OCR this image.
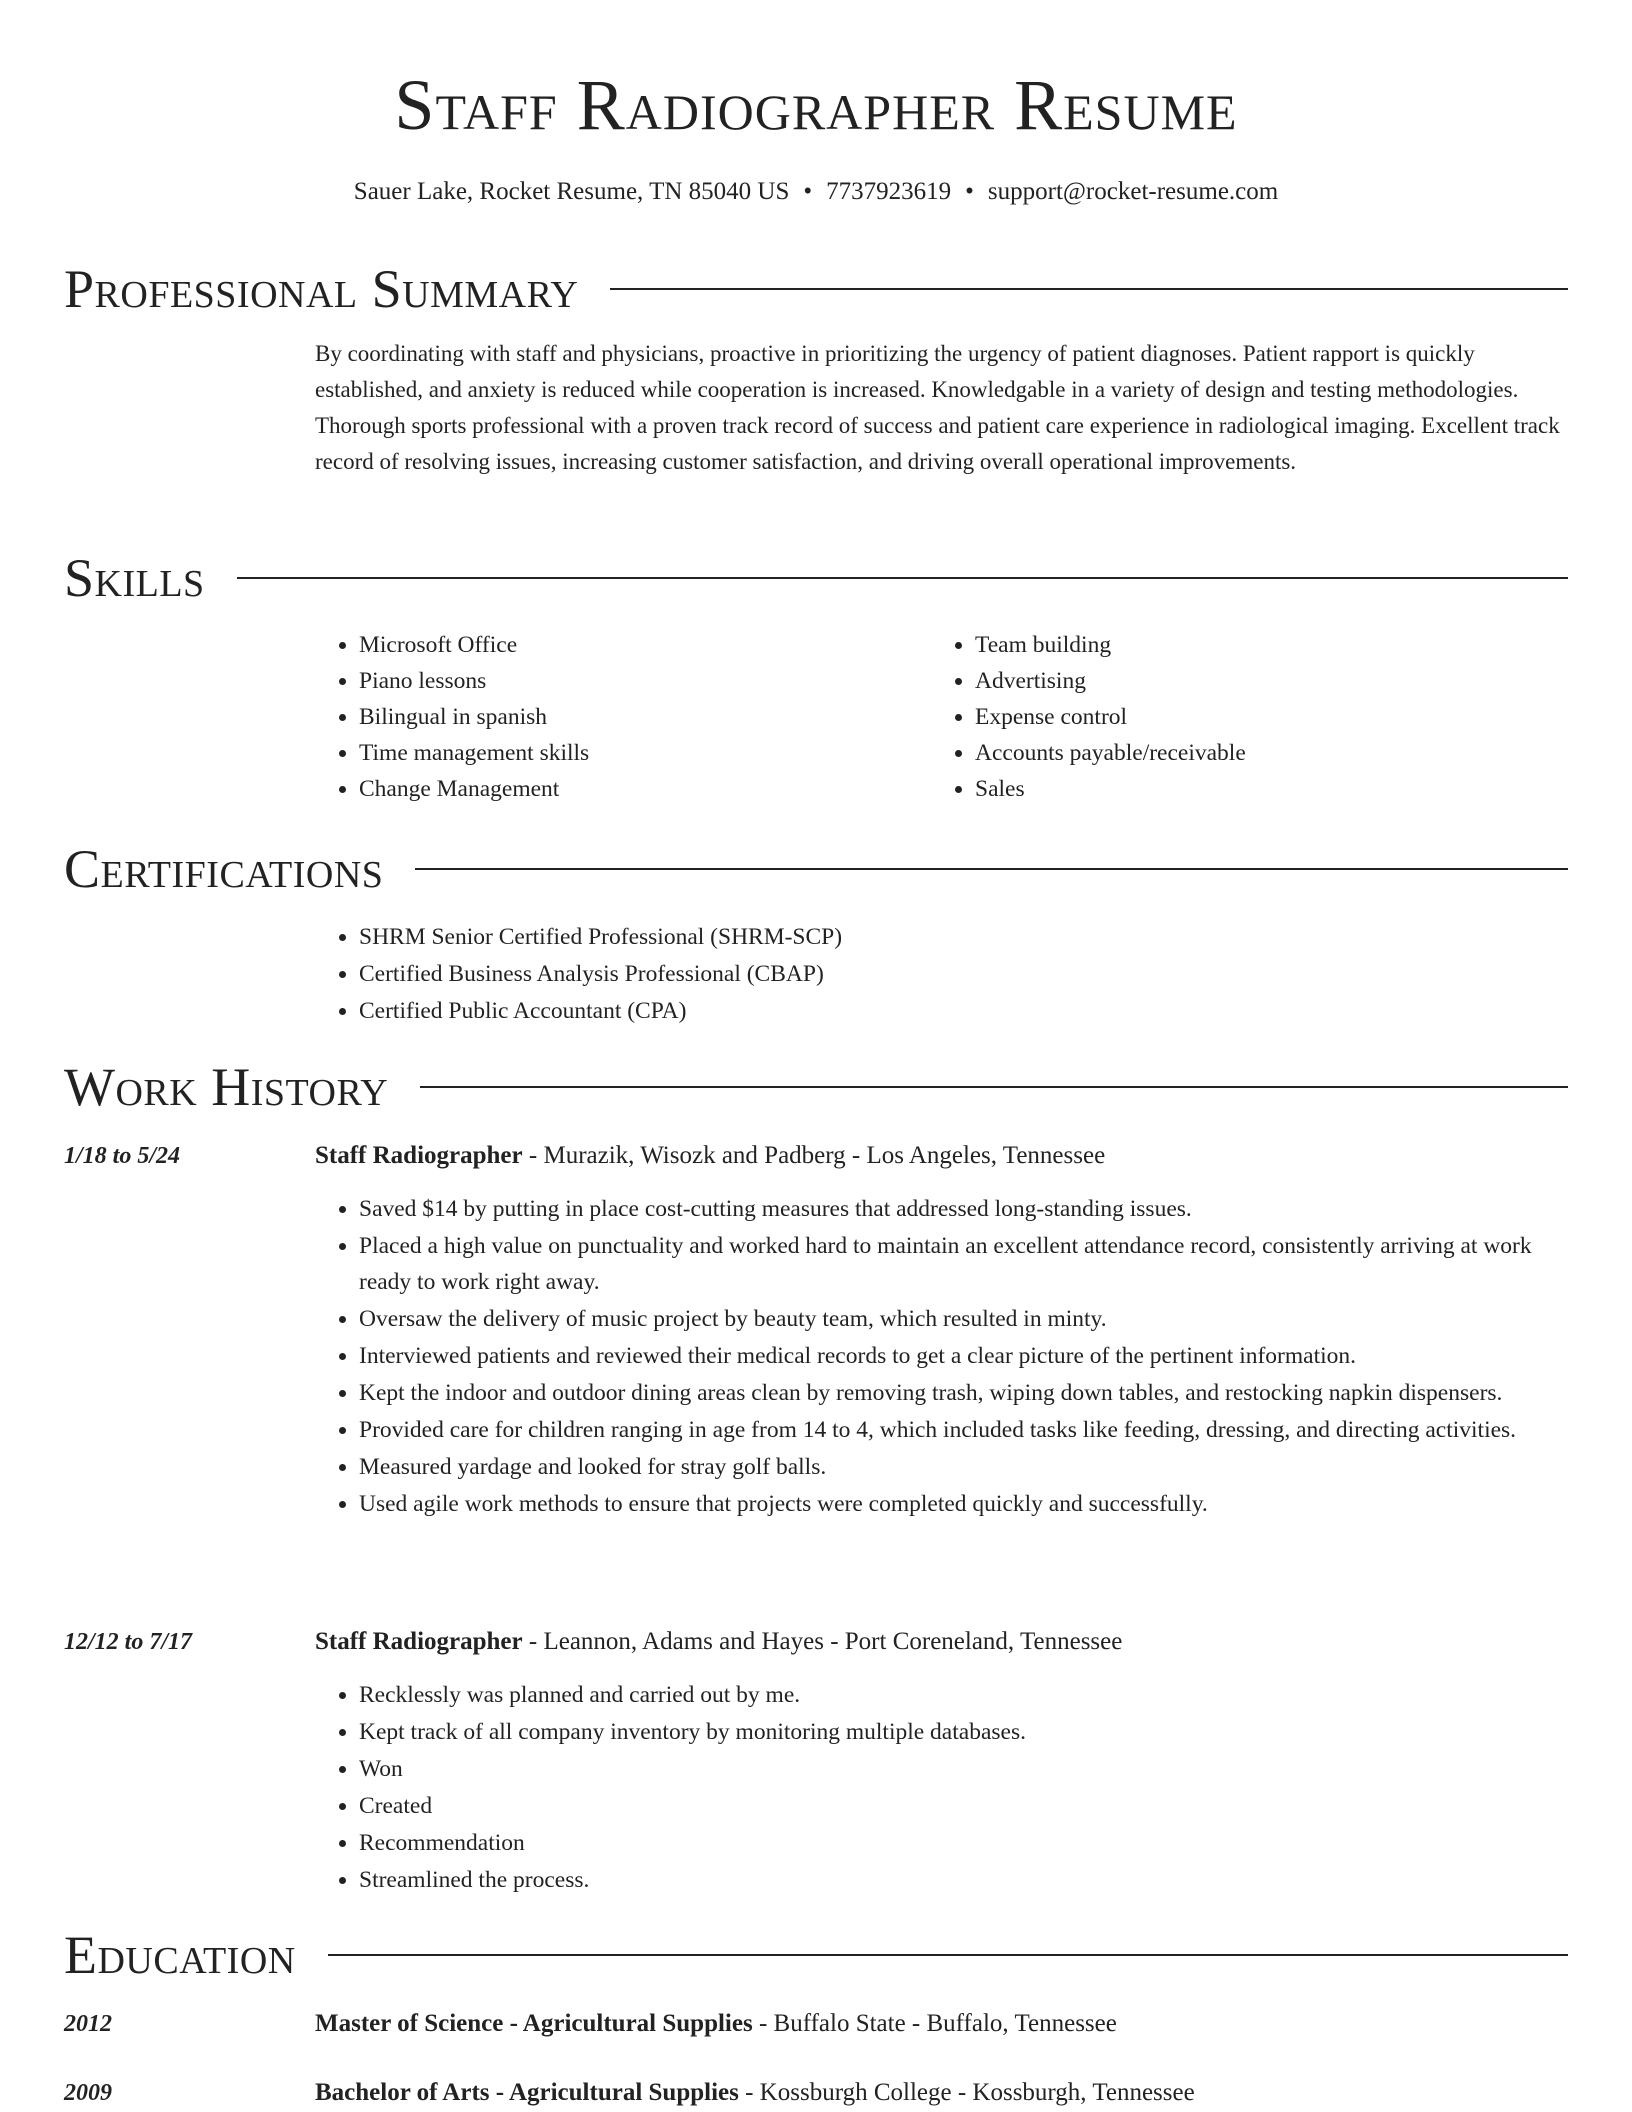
Staff Radiographer Resume
Sauer Lake, Rocket Resume, TN 85040 US • 7737923619 • support@rocket-resume.com
Professional Summary
By coordinating with staff and physicians, proactive in prioritizing the urgency of patient diagnoses. Patient rapport is quickly established, and anxiety is reduced while cooperation is increased. Knowledgable in a variety of design and testing methodologies. Thorough sports professional with a proven track record of success and patient care experience in radiological imaging. Excellent track record of resolving issues, increasing customer satisfaction, and driving overall operational improvements.
Skills
• Microsoft Office
• Piano lessons
• Bilingual in spanish
• Time management skills
• Change Management
• Team building
• Advertising
• Expense control
• Accounts payable/receivable
• Sales
Certifications
• SHRM Senior Certified Professional (SHRM-SCP)
• Certified Business Analysis Professional (CBAP)
• Certified Public Accountant (CPA)
Work History
1/18 to 5/24	Staff Radiographer - Murazik, Wisozk and Padberg - Los Angeles, Tennessee
• Saved $14 by putting in place cost-cutting measures that addressed long-standing issues.
• Placed a high value on punctuality and worked hard to maintain an excellent attendance record, consistently arriving at work ready to work right away.
• Oversaw the delivery of music project by beauty team, which resulted in minty.
• Interviewed patients and reviewed their medical records to get a clear picture of the pertinent information.
• Kept the indoor and outdoor dining areas clean by removing trash, wiping down tables, and restocking napkin dispensers.
• Provided care for children ranging in age from 14 to 4, which included tasks like feeding, dressing, and directing activities.
• Measured yardage and looked for stray golf balls.
• Used agile work methods to ensure that projects were completed quickly and successfully.
12/12 to 7/17	Staff Radiographer - Leannon, Adams and Hayes - Port Coreneland, Tennessee
• Recklessly was planned and carried out by me.
• Kept track of all company inventory by monitoring multiple databases.
• Won
• Created
• Recommendation
• Streamlined the process.
Education
2012	Master of Science - Agricultural Supplies - Buffalo State - Buffalo, Tennessee
2009	Bachelor of Arts - Agricultural Supplies - Kossburgh College - Kossburgh, Tennessee
